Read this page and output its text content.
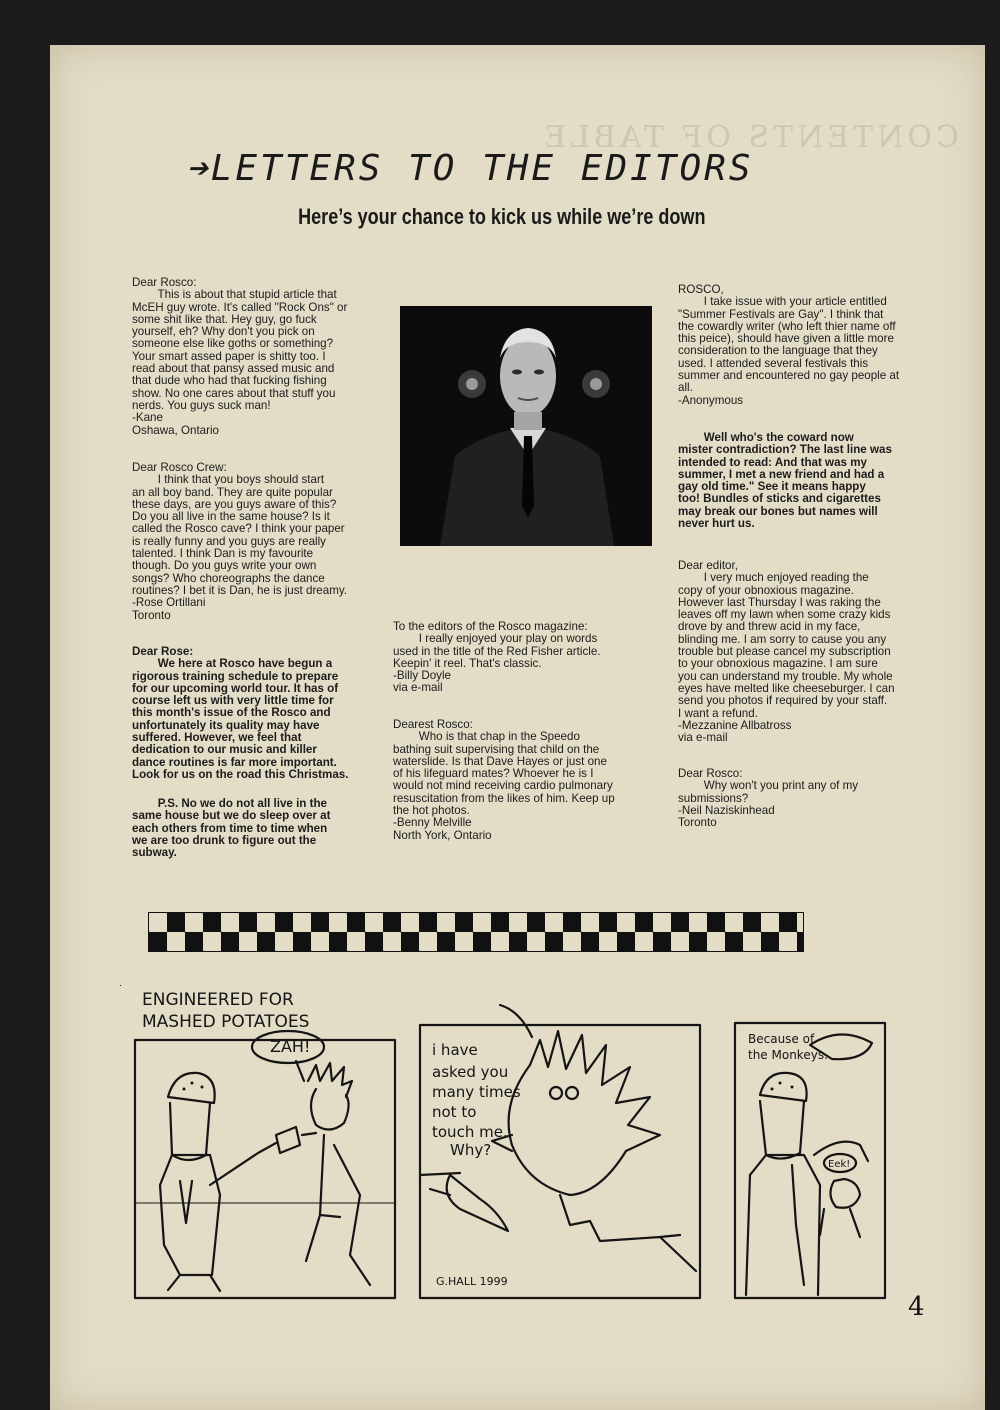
CONTENTS OF TABLE
➔LETTERS TO THE EDITORS
Here’s your chance to kick us while we’re down

Dear Rosco:
This is about that stupid article that
McEH guy wrote. It's called "Rock Ons" or
some shit like that. Hey guy, go fuck
yourself, eh? Why don't you pick on
someone else like goths or something?
Your smart assed paper is shitty too. I
read about that pansy assed music and
that dude who had that fucking fishing
show. No one cares about that stuff you
nerds. You guys suck man!
-Kane
Oshawa, Ontario

Dear Rosco Crew:
I think that you boys should start
an all boy band. They are quite popular
these days, are you guys aware of this?
Do you all live in the same house? Is it
called the Rosco cave? I think your paper
is really funny and you guys are really
talented. I think Dan is my favourite
though. Do you guys write your own
songs? Who choreographs the dance
routines? I bet it is Dan, he is just dreamy.
-Rose Ortillani
Toronto

Dear Rose:
We here at Rosco have begun a
rigorous training schedule to prepare
for our upcoming world tour. It has of
course left us with very little time for
this month's issue of the Rosco and
unfortunately its quality may have
suffered. However, we feel that
dedication to our music and killer
dance routines is far more important.
Look for us on the road this Christmas.

P.S. No we do not all live in the
same house but we do sleep over at
each others from time to time when
we are too drunk to figure out the
subway.

To the editors of the Rosco magazine:
I really enjoyed your play on words
used in the title of the Red Fisher article.
Keepin' it reel. That's classic.
-Billy Doyle
via e-mail

Dearest Rosco:
Who is that chap in the Speedo
bathing suit supervising that child on the
waterslide. Is that Dave Hayes or just one
of his lifeguard mates? Whoever he is I
would not mind receiving cardio pulmonary
resuscitation from the likes of him. Keep up
the hot photos.
-Benny Melville
North York, Ontario

ROSCO,
I take issue with your article entitled
"Summer Festivals are Gay". I think that
the cowardly writer (who left thier name off
this peice), should have given a little more
consideration to the language that they
used. I attended several festivals this
summer and encountered no gay people at
all.
-Anonymous

Well who's the coward now
mister contradiction? The last line was
intended to read: And that was my
summer, I met a new friend and had a
gay old time." See it means happy
too! Bundles of sticks and cigarettes
may break our bones but names will
never hurt us.

Dear editor,
I very much enjoyed reading the
copy of your obnoxious magazine.
However last Thursday I was raking the
leaves off my lawn when some crazy kids
drove by and threw acid in my face,
blinding me. I am sorry to cause you any
trouble but please cancel my subscription
to your obnoxious magazine. I am sure
you can understand my trouble. My whole
eyes have melted like cheeseburger. I can
send you photos if required by your staff.
I want a refund.
-Mezzanine Allbatross
via e-mail

Dear Rosco:
Why won't you print any of my
submissions?
-Neil Naziskinhead
Toronto

ENGINEERED FOR
MASHED POTATOES
ZAH!	i have
asked you
many times
not to
touch me.
Why?
G.HALL 1999
Because of
the Monkeys.
Eek!
4
